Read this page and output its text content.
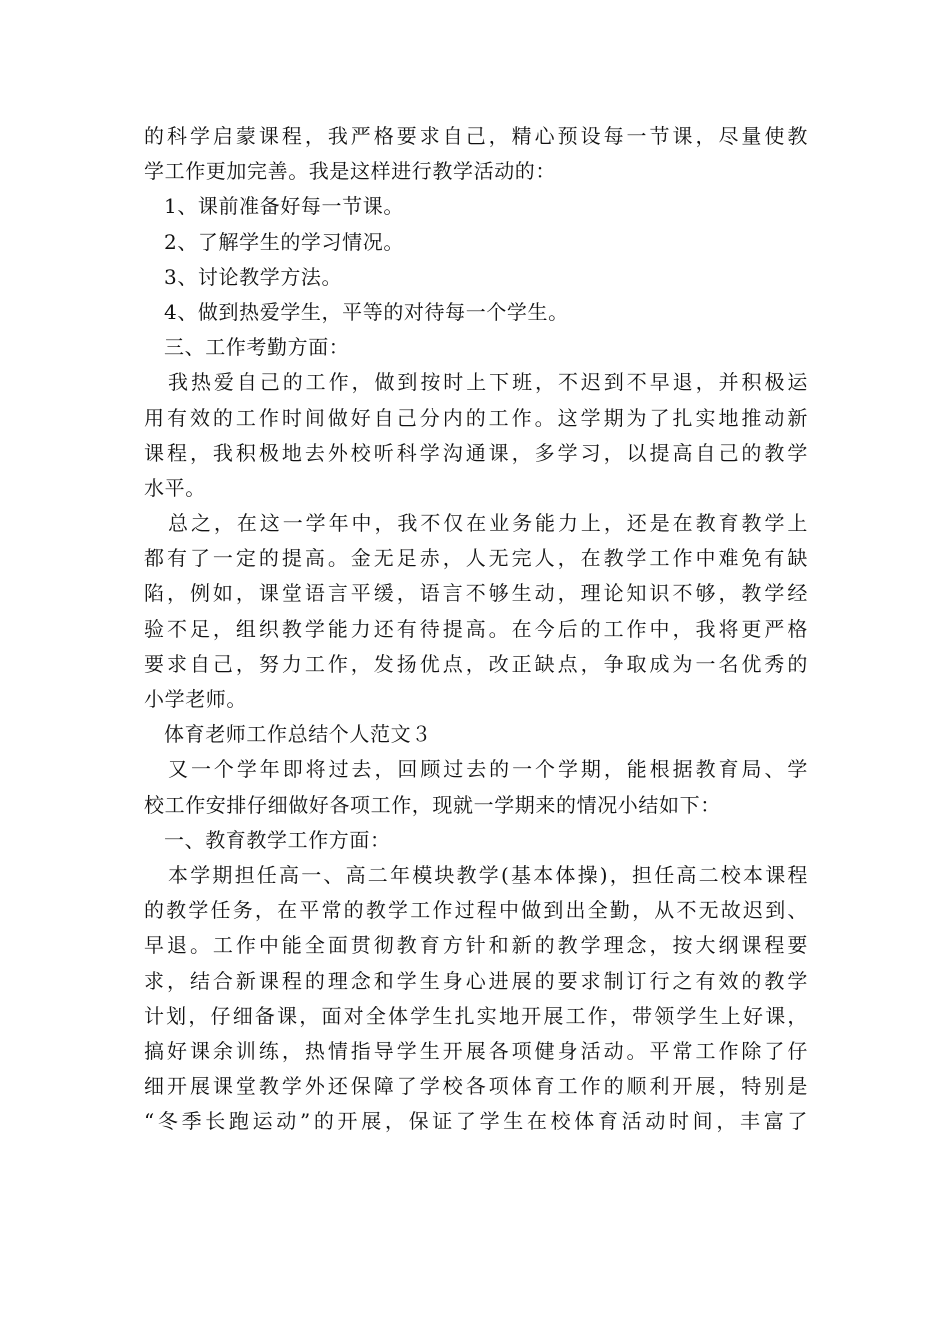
的科学启蒙课程，我严格要求自己，精心预设每一节课，尽量使教
学工作更加完善。我是这样进行教学活动的：
1、课前准备好每一节课。
2、了解学生的学习情况。
3、讨论教学方法。
4、做到热爱学生，平等的对待每一个学生。
三、工作考勤方面：
我热爱自己的工作，做到按时上下班，不迟到不早退，并积极运
用有效的工作时间做好自己分内的工作。这学期为了扎实地推动新
课程，我积极地去外校听科学沟通课，多学习，以提高自己的教学
水平。
总之，在这一学年中，我不仅在业务能力上，还是在教育教学上
都有了一定的提高。金无足赤，人无完人，在教学工作中难免有缺
陷，例如，课堂语言平缓，语言不够生动，理论知识不够，教学经
验不足，组织教学能力还有待提高。在今后的工作中，我将更严格
要求自己，努力工作，发扬优点，改正缺点，争取成为一名优秀的
小学老师。
体育老师工作总结个人范文３
又一个学年即将过去，回顾过去的一个学期，能根据教育局、学
校工作安排仔细做好各项工作，现就一学期来的情况小结如下：
一、教育教学工作方面：
本学期担任高一、高二年模块教学(基本体操)，担任高二校本课程
的教学任务，在平常的教学工作过程中做到出全勤，从不无故迟到、
早退。工作中能全面贯彻教育方针和新的教学理念，按大纲课程要
求，结合新课程的理念和学生身心进展的要求制订行之有效的教学
计划，仔细备课，面对全体学生扎实地开展工作，带领学生上好课，
搞好课余训练，热情指导学生开展各项健身活动。平常工作除了仔
细开展课堂教学外还保障了学校各项体育工作的顺利开展，特别是
“冬季长跑运动”的开展，保证了学生在校体育活动时间，丰富了
